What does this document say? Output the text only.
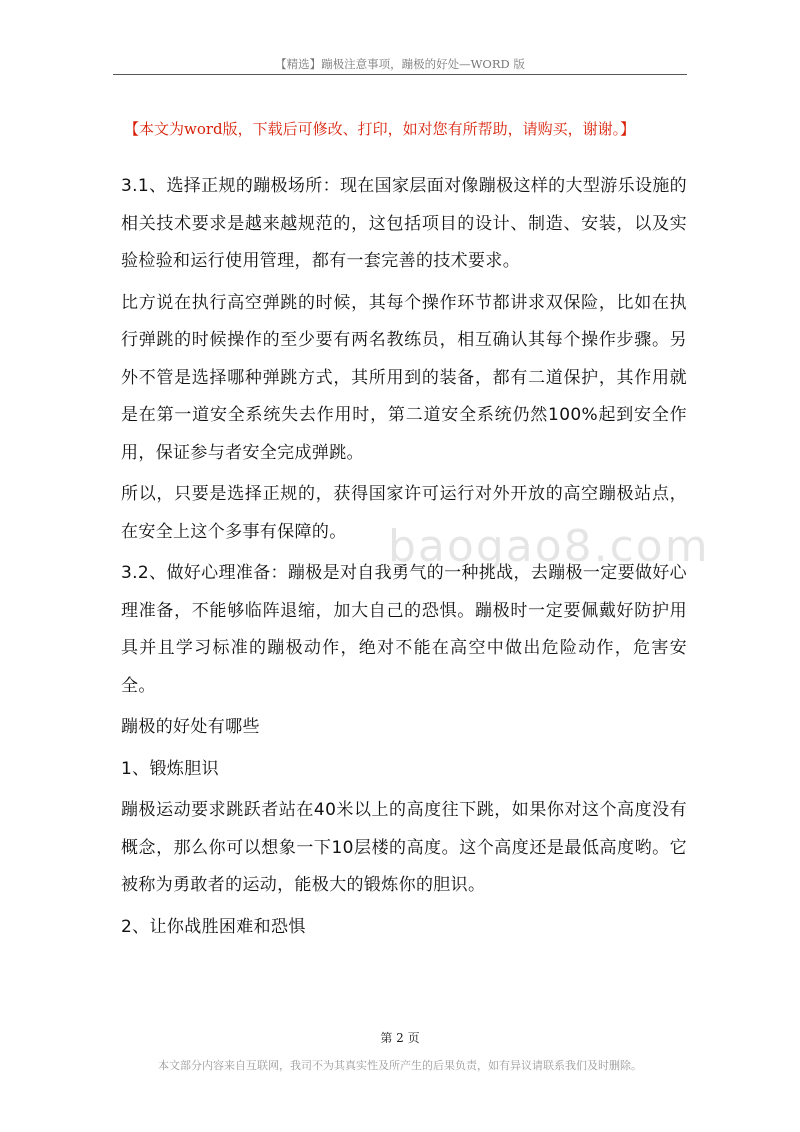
【精选】蹦极注意事项，蹦极的好处—WORD 版
【本文为word版，下载后可修改、打印，如对您有所帮助，请购买，谢谢。】

3.1、选择正规的蹦极场所：现在国家层面对像蹦极这样的大型游乐设施的相关技术要求是越来越规范的，这包括项目的设计、制造、安装，以及实验检验和运行使用管理，都有一套完善的技术要求。

比方说在执行高空弹跳的时候，其每个操作环节都讲求双保险，比如在执行弹跳的时候操作的至少要有两名教练员，相互确认其每个操作步骤。另外不管是选择哪种弹跳方式，其所用到的装备，都有二道保护，其作用就是在第一道安全系统失去作用时，第二道安全系统仍然100%起到安全作用，保证参与者安全完成弹跳。

所以，只要是选择正规的，获得国家许可运行对外开放的高空蹦极站点，在安全上这个多事有保障的。

3.2、做好心理准备：蹦极是对自我勇气的一种挑战，去蹦极一定要做好心理准备，不能够临阵退缩，加大自己的恐惧。蹦极时一定要佩戴好防护用具并且学习标准的蹦极动作，绝对不能在高空中做出危险动作，危害安全。

蹦极的好处有哪些

1、锻炼胆识

蹦极运动要求跳跃者站在40米以上的高度往下跳，如果你对这个高度没有概念，那么你可以想象一下10层楼的高度。这个高度还是最低高度哟。它被称为勇敢者的运动，能极大的锻炼你的胆识。

2、让你战胜困难和恐惧

baogao8.com
第 2 页
本文部分内容来自互联网，我司不为其真实性及所产生的后果负责，如有异议请联系我们及时删除。
